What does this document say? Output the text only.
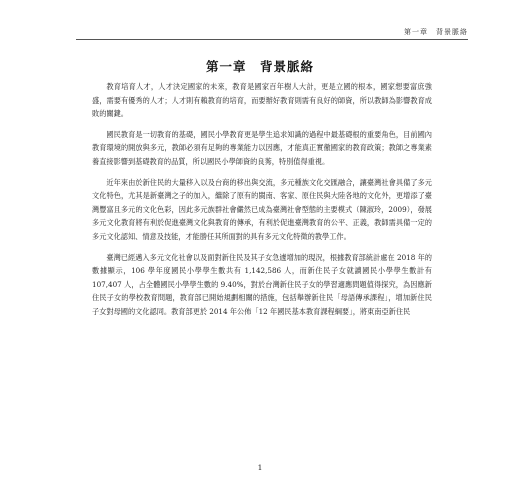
第一章　背景脈絡
第一章　背景脈絡

教育培育人才，人才決定國家的未來，教育是國家百年樹人大計，更是立國的根本，國家想要富庶強盛，需要有優秀的人才；人才則有賴教育的培育，而要辦好教育則需有良好的師資，所以教師為影響教育成敗的關鍵。

國民教育是一切教育的基礎，國民小學教育更是學生追求知識的過程中最基礎根的重要角色，目前國內教育環境的開放與多元，教師必須有足夠的專業能力以因應，才能真正實徹國家的教育政策；教師之專業素養直接影響到基礎教育的品質，所以國民小學師資的良莠，特別值得重視。

近年來由於新住民的大量移入以及台商的移出與交流，多元種族文化交匯融合，讓臺灣社會具備了多元文化特色，尤其是新臺灣之子的加入，繼除了原有的閩南、客家、原住民與大陸各地的文化外，更增添了臺灣豐富且多元的文化色彩，因此多元族群社會儼然已成為臺灣社會型態的主要模式（陳淑玲，2009），發展多元文化教育將有利於促進臺灣文化與教育的傳承，有利於促進臺灣教育的公平、正義，教師需具備一定的多元文化認知、情意及技能，才能勝任其所面對的具有多元文化特徵的教學工作。

臺灣已經邁入多元文化社會以及面對新住民及其子女急遽增加的現況，根據教育部統計處在 2018 年的數據顯示，106 學年度國民小學學生數共有 1,142,586 人，而新住民子女就讀國民小學學生數計有 107,407 人，占全體國民小學學生數的 9.40%，對於台灣新住民子女的學習適應問題值得探究，為因應新住民子女的學校教育問題，教育部已開始規劃相關的措施，包括舉辦新住民「母語傳承課程」，增加新住民子女對母國的文化認同。教育部更於 2014 年公佈「12 年國民基本教育課程綱要」，將東南亞新住民

1
